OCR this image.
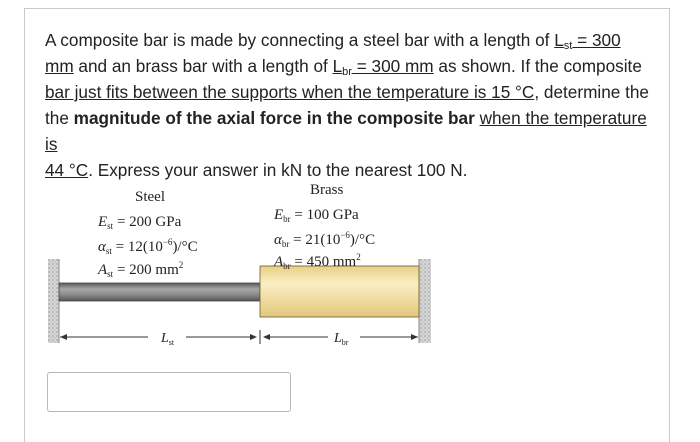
A composite bar is made by connecting a steel bar with a length of $L_{st} = 300$
mm and an brass bar with a length of $L_{br} = 300$ mm as shown. If the composite
bar just fits between the supports when the temperature is 15 °C, determine the
the magnitude of the axial force in the composite bar when the temperature is
44 °C. Express your answer in kN to the nearest 100 N.

Steel
$E_{st} = 200$ GPa
$\alpha_{st} = 12(10^{-6})/^\circ C$
$A_{st} = 200$ $mm^2$
Brass
$E_{br} = 100$ GPa
$\alpha_{br} = 21(10^{-6})/^\circ C$
$A_{br} = 450$ $mm^2$
$L_{st}$	$L_{br}$
